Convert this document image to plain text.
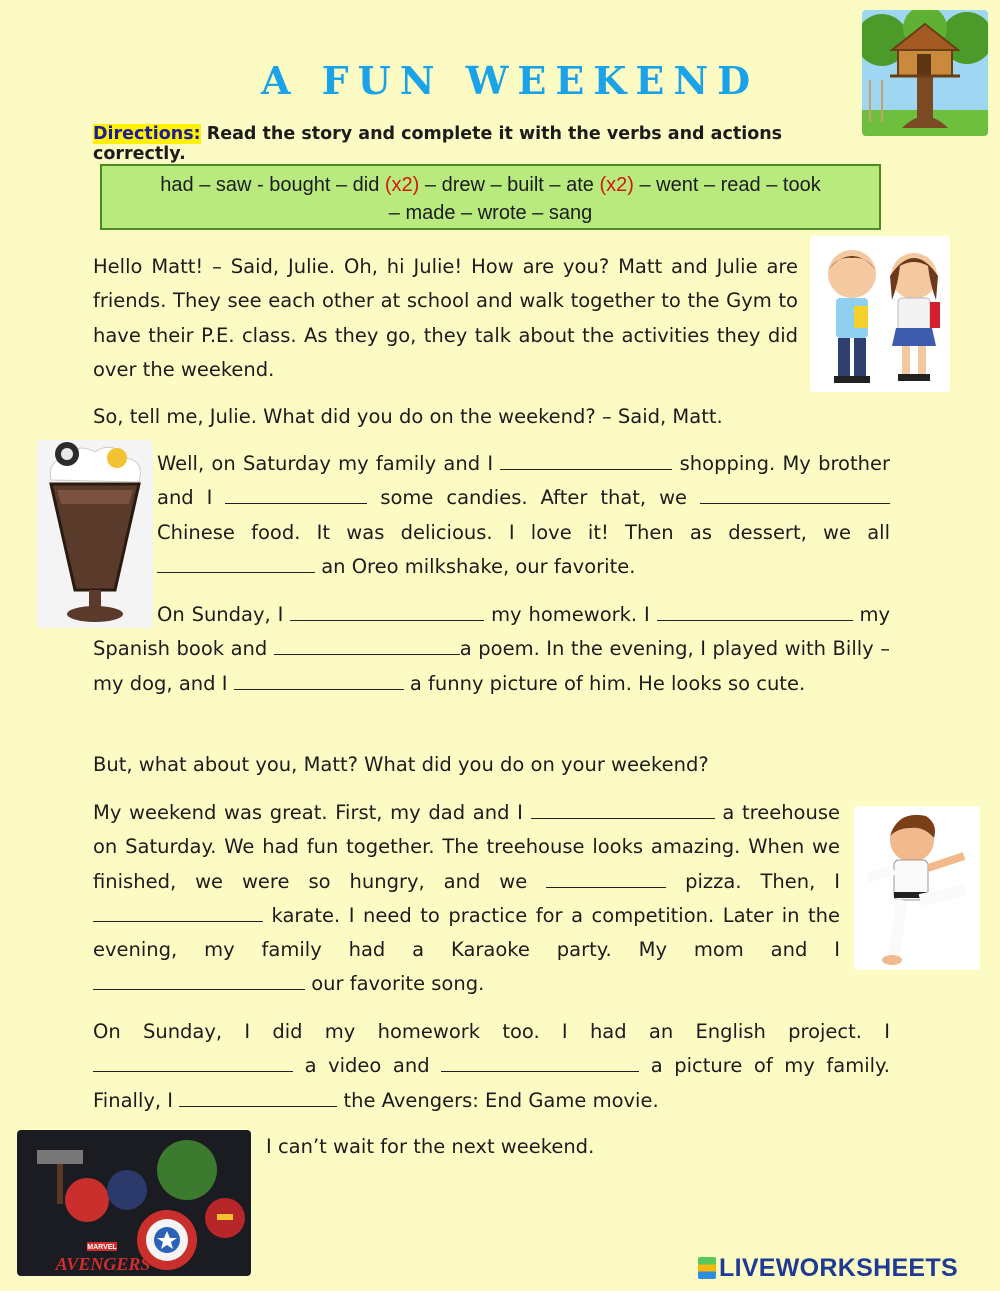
A FUN WEEKEND
Directions: Read the story and complete it with the verbs and actions correctly.
had – saw - bought – did (x2) – drew – built – ate (x2) – went – read – took
– made – wrote – sang
Hello Matt! – Said, Julie. Oh, hi Julie! How are you? Matt and Julie are friends. They see each other at school and walk together to the Gym to have their P.E. class. As they go, they talk about the activities they did over the weekend.
So, tell me, Julie. What did you do on the weekend? – Said, Matt.
Well, on Saturday my family and I	shopping. My brother and I	some candies. After that, we  Chinese food. It was delicious. I love it! Then as dessert, we all  an Oreo milkshake, our favorite.
On Sunday, I	my homework. I	my Spanish book and	a poem. In the evening, I played with Billy – my dog, and I	a funny picture of him. He looks so cute.
But, what about you, Matt? What did you do on your weekend?
My weekend was great. First, my dad and I	a treehouse on Saturday. We had fun together. The treehouse looks amazing. When we finished, we were so hungry, and we	pizza. Then, I  karate. I need to practice for a competition. Later in the evening, my family had a Karaoke party. My mom and I  our favorite song.
On Sunday, I did my homework too. I had an English project. I  a video and	a picture of my family. Finally, I	the Avengers: End Game movie.
AVENGERS
MARVEL
I can’t wait for the next weekend.
LIVEWORKSHEETS
